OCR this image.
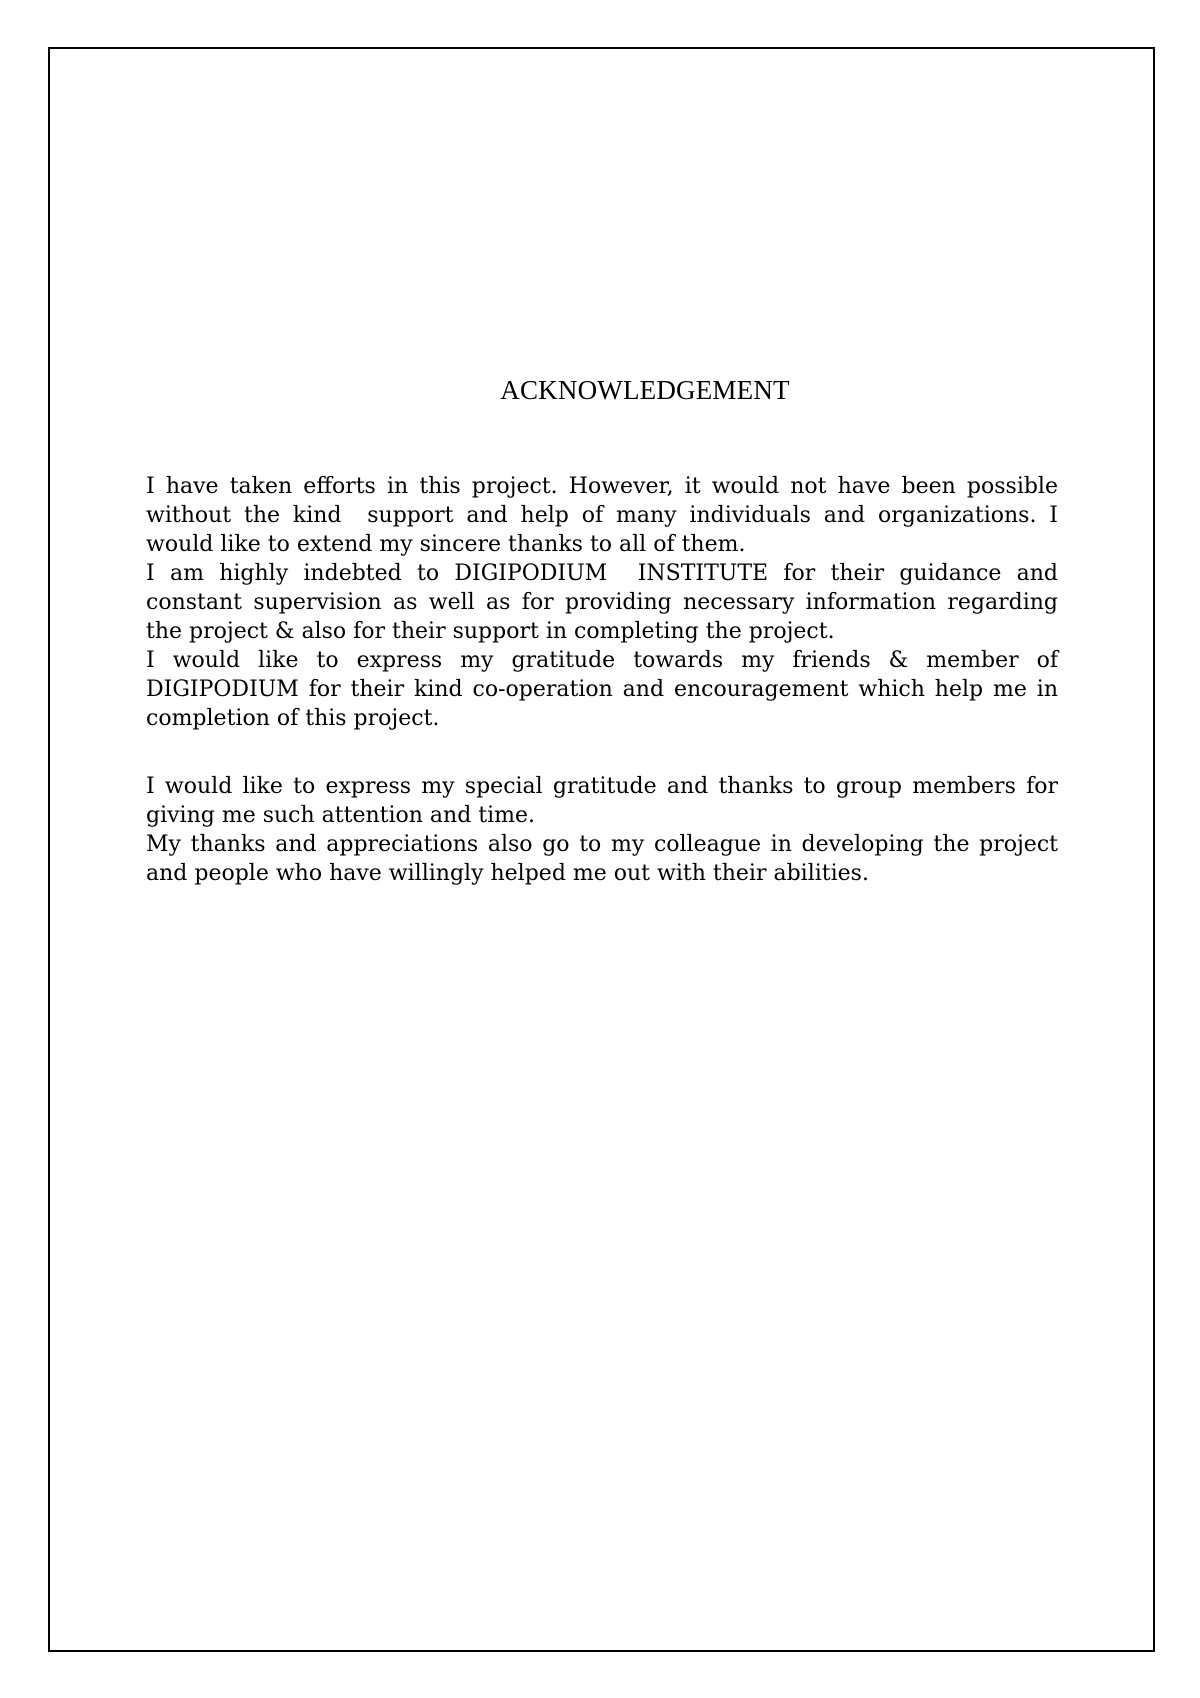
ACKNOWLEDGEMENT

I have taken efforts in this project. However, it would not have been possible without the kind  support and help of many individuals and organizations. I would like to extend my sincere thanks to all of them.

I am highly indebted to DIGIPODIUM  INSTITUTE for their guidance and constant supervision as well as for providing necessary information regarding the project & also for their support in completing the project.

I would like to express my gratitude towards my friends & member of DIGIPODIUM for their kind co-operation and encouragement which help me in completion of this project.

I would like to express my special gratitude and thanks to group members for giving me such attention and time.

My thanks and appreciations also go to my colleague in developing the project and people who have willingly helped me out with their abilities.
